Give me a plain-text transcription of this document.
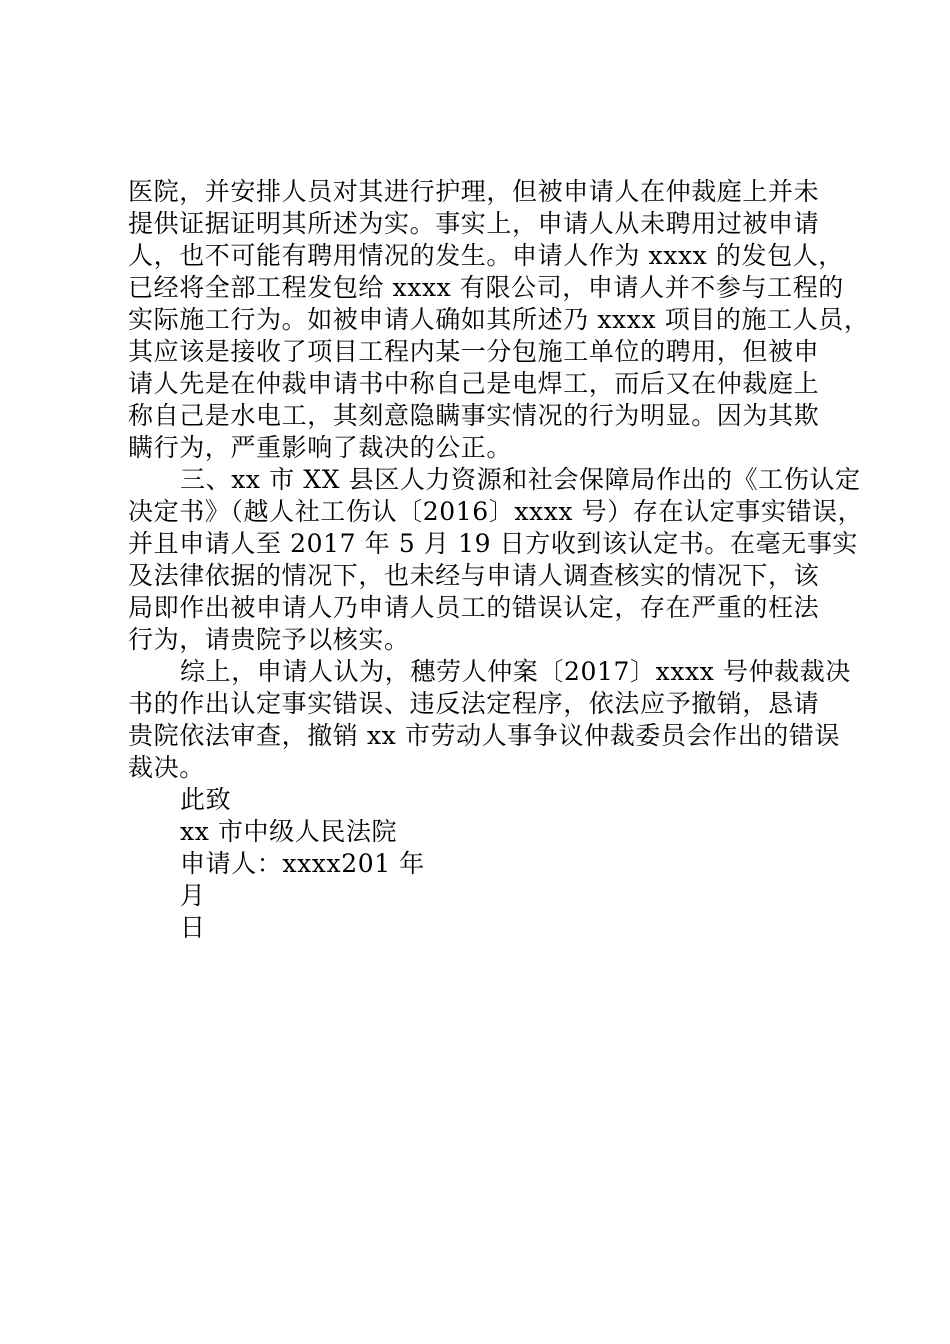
医院，并安排人员对其进行护理，但被申请人在仲裁庭上并未
提供证据证明其所述为实。事实上，申请人从未聘用过被申请
人，也不可能有聘用情况的发生。申请人作为 xxxx 的发包人，
已经将全部工程发包给 xxxx 有限公司，申请人并不参与工程的
实际施工行为。如被申请人确如其所述乃 xxxx 项目的施工人员，
其应该是接收了项目工程内某一分包施工单位的聘用，但被申
请人先是在仲裁申请书中称自己是电焊工，而后又在仲裁庭上
称自己是水电工，其刻意隐瞒事实情况的行为明显。因为其欺
瞒行为，严重影响了裁决的公正。
三、xx 市 XX 县区人力资源和社会保障局作出的《工伤认定
决定书》（越人社工伤认〔2016〕xxxx 号）存在认定事实错误，
并且申请人至 2017 年 5 月 19 日方收到该认定书。在毫无事实
及法律依据的情况下，也未经与申请人调查核实的情况下，该
局即作出被申请人乃申请人员工的错误认定，存在严重的枉法
行为，请贵院予以核实。
综上，申请人认为，穗劳人仲案〔2017〕xxxx 号仲裁裁决
书的作出认定事实错误、违反法定程序，依法应予撤销，恳请
贵院依法审查，撤销 xx 市劳动人事争议仲裁委员会作出的错误
裁决。
此致
xx 市中级人民法院
申请人：xxxx201 年
月
日
